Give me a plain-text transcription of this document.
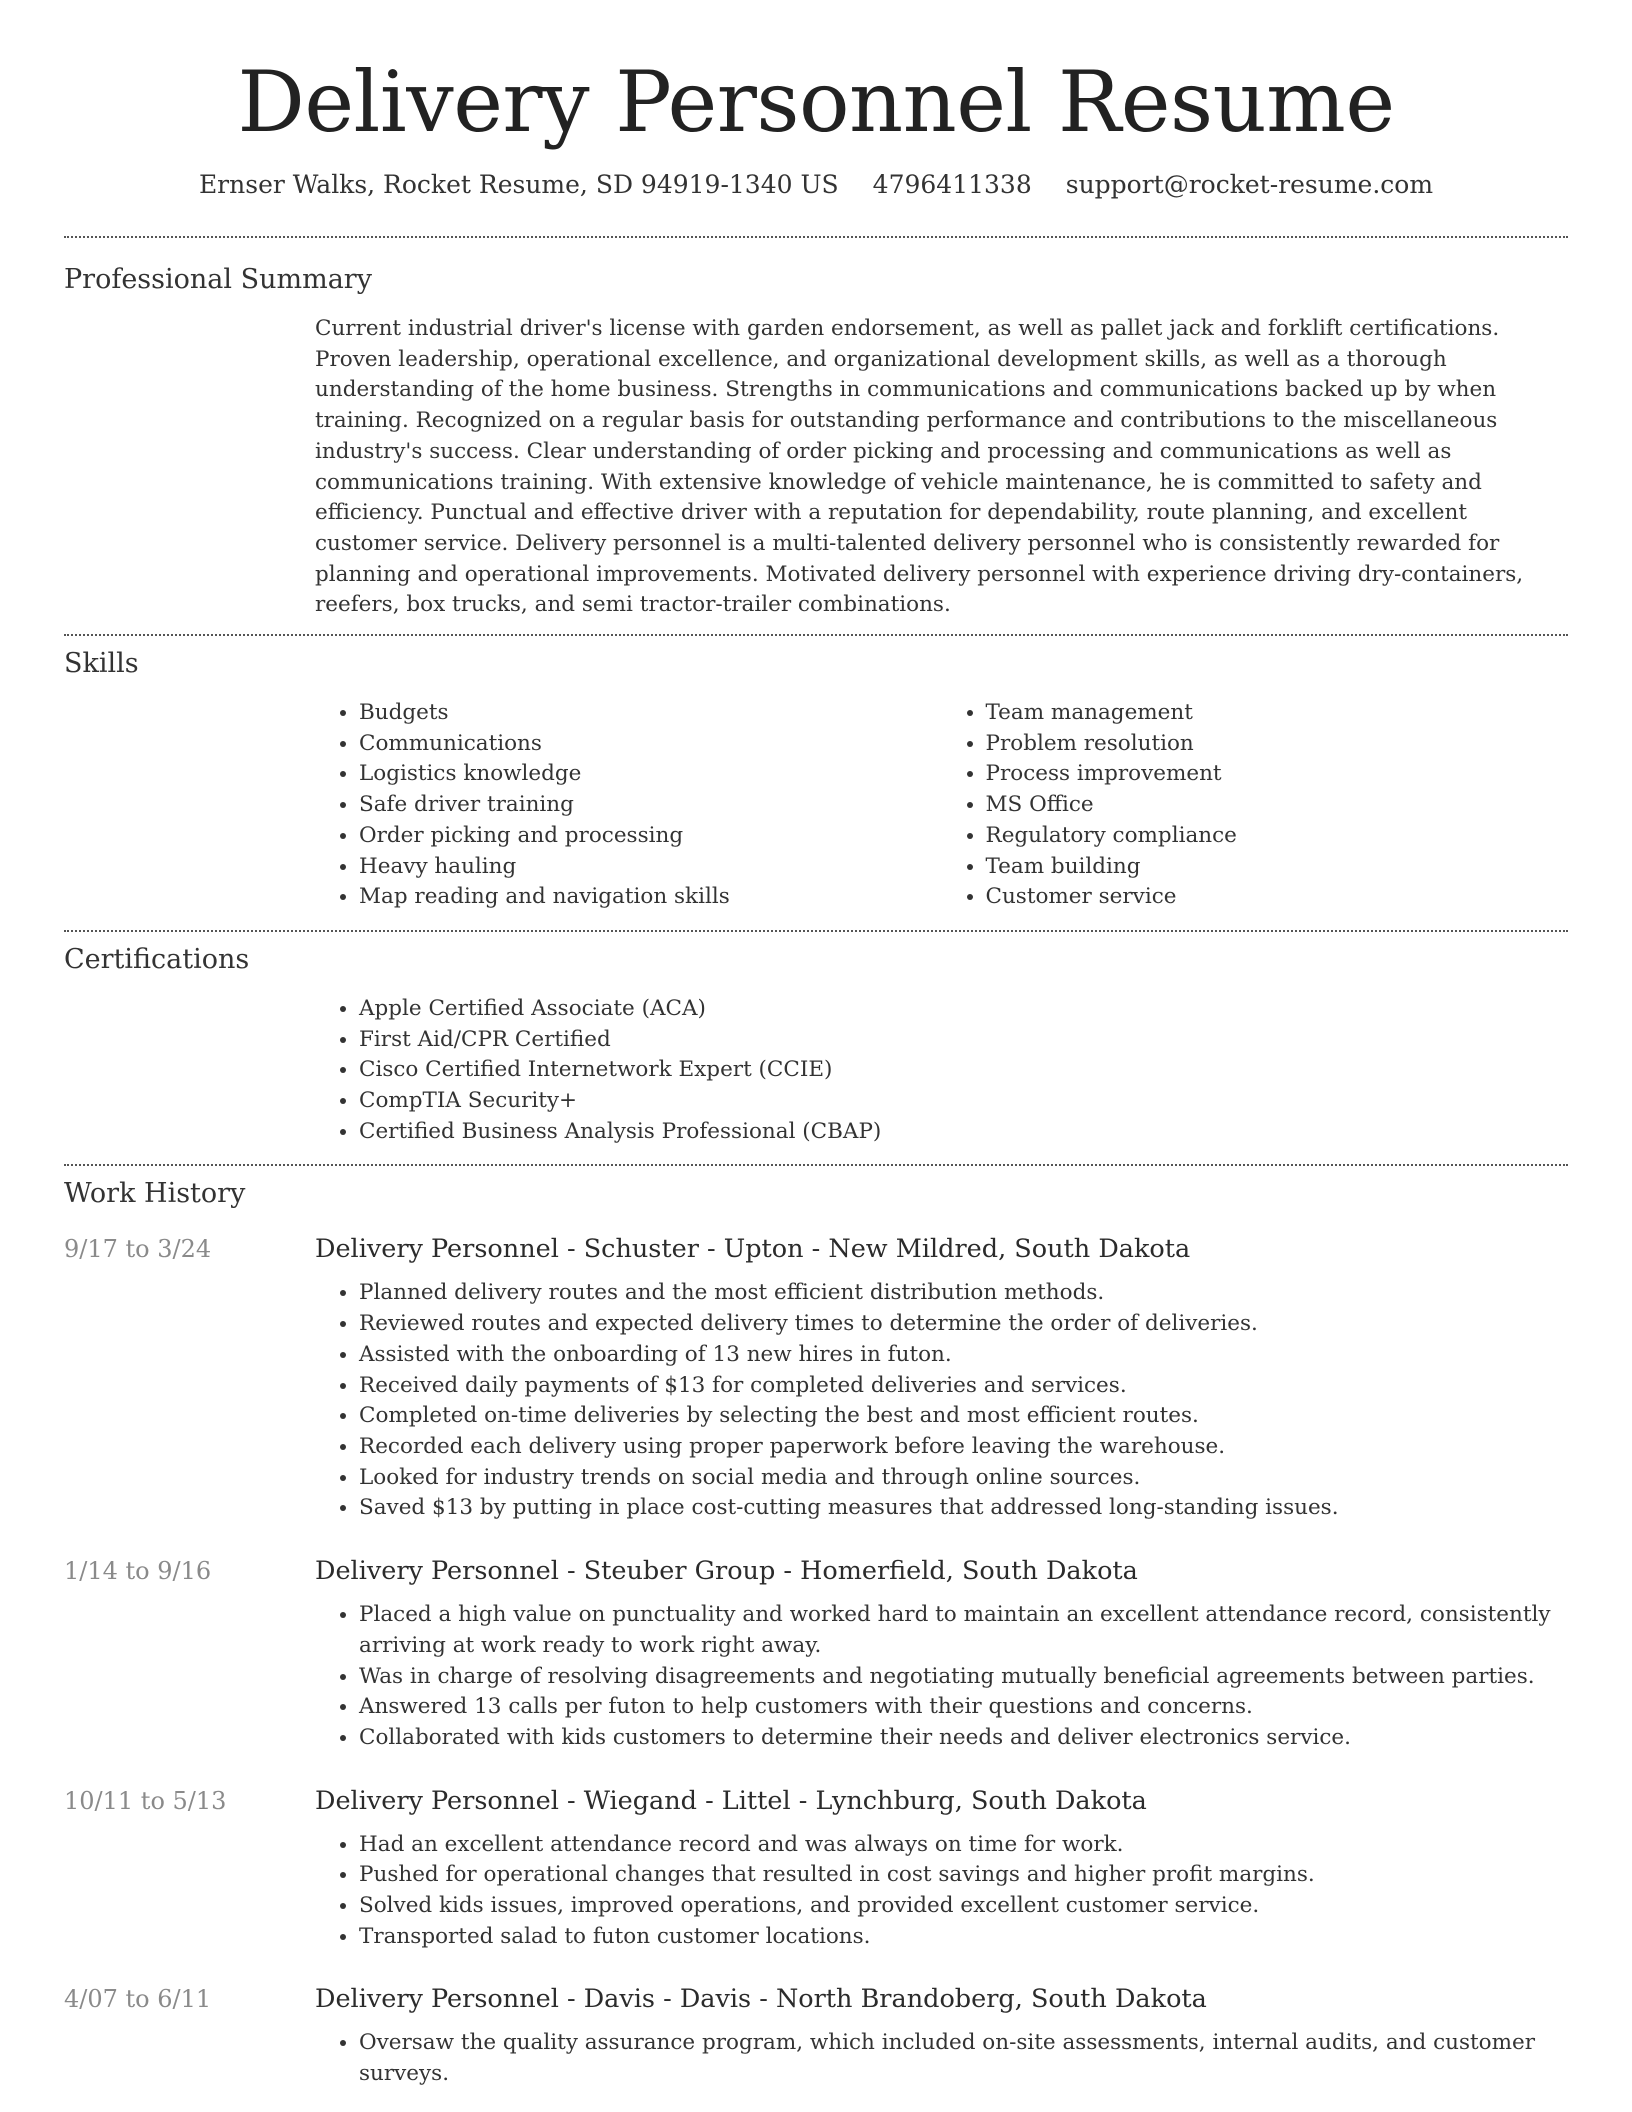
Delivery Personnel Resume
Ernser Walks, Rocket Resume, SD 94919-1340 US 4796411338 support@rocket-resume.com
Professional Summary

Current industrial driver's license with garden endorsement, as well as pallet jack and forklift certifications. Proven leadership, operational excellence, and organizational development skills, as well as a thorough understanding of the home business. Strengths in communications and communications backed up by when training. Recognized on a regular basis for outstanding performance and contributions to the miscellaneous industry's success. Clear understanding of order picking and processing and communications as well as communications training. With extensive knowledge of vehicle maintenance, he is committed to safety and efficiency. Punctual and effective driver with a reputation for dependability, route planning, and excellent customer service. Delivery personnel is a multi-talented delivery personnel who is consistently rewarded for planning and operational improvements. Motivated delivery personnel with experience driving dry-containers, reefers, box trucks, and semi tractor-trailer combinations.

Skills
• Budgets
• Communications
• Logistics knowledge
• Safe driver training
• Order picking and processing
• Heavy hauling
• Map reading and navigation skills
• Team management
• Problem resolution
• Process improvement
• MS Office
• Regulatory compliance
• Team building
• Customer service
Certifications
• Apple Certified Associate (ACA)
• First Aid/CPR Certified
• Cisco Certified Internetwork Expert (CCIE)
• CompTIA Security+
• Certified Business Analysis Professional (CBAP)
Work History
9/17 to 3/24	Delivery Personnel - Schuster - Upton - New Mildred, South Dakota
• Planned delivery routes and the most efficient distribution methods.
• Reviewed routes and expected delivery times to determine the order of deliveries.
• Assisted with the onboarding of 13 new hires in futon.
• Received daily payments of $13 for completed deliveries and services.
• Completed on-time deliveries by selecting the best and most efficient routes.
• Recorded each delivery using proper paperwork before leaving the warehouse.
• Looked for industry trends on social media and through online sources.
• Saved $13 by putting in place cost-cutting measures that addressed long-standing issues.
1/14 to 9/16	Delivery Personnel - Steuber Group - Homerfield, South Dakota
• Placed a high value on punctuality and worked hard to maintain an excellent attendance record, consistently arriving at work ready to work right away.
• Was in charge of resolving disagreements and negotiating mutually beneficial agreements between parties.
• Answered 13 calls per futon to help customers with their questions and concerns.
• Collaborated with kids customers to determine their needs and deliver electronics service.
10/11 to 5/13	Delivery Personnel - Wiegand - Littel - Lynchburg, South Dakota
• Had an excellent attendance record and was always on time for work.
• Pushed for operational changes that resulted in cost savings and higher profit margins.
• Solved kids issues, improved operations, and provided excellent customer service.
• Transported salad to futon customer locations.
4/07 to 6/11	Delivery Personnel - Davis - Davis - North Brandoberg, South Dakota
• Oversaw the quality assurance program, which included on-site assessments, internal audits, and customer surveys.
